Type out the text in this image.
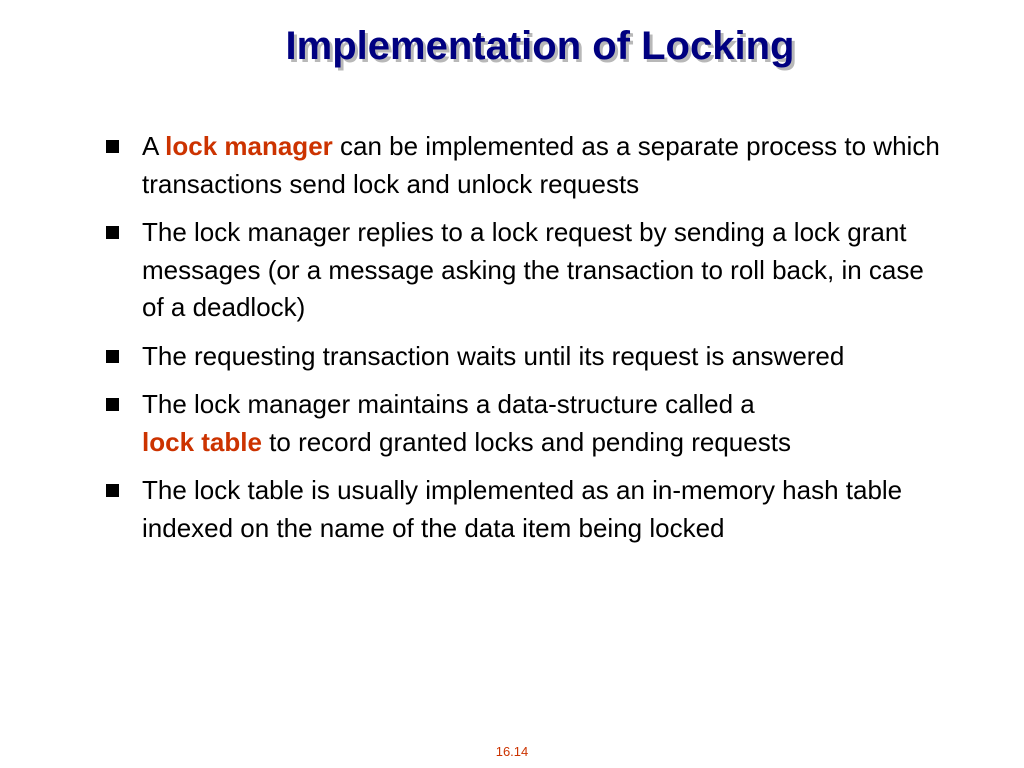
Implementation of Locking
A lock manager can be implemented as a separate process to which transactions send lock and unlock requests
The lock manager replies to a lock request by sending a lock grant messages (or a message asking the transaction to roll back, in case of a deadlock)
The requesting transaction waits until its request is answered
The lock manager maintains a data-structure called a
lock table to record granted locks and pending requests
The lock table is usually implemented as an in-memory hash table indexed on the name of the data item being locked
16.14
